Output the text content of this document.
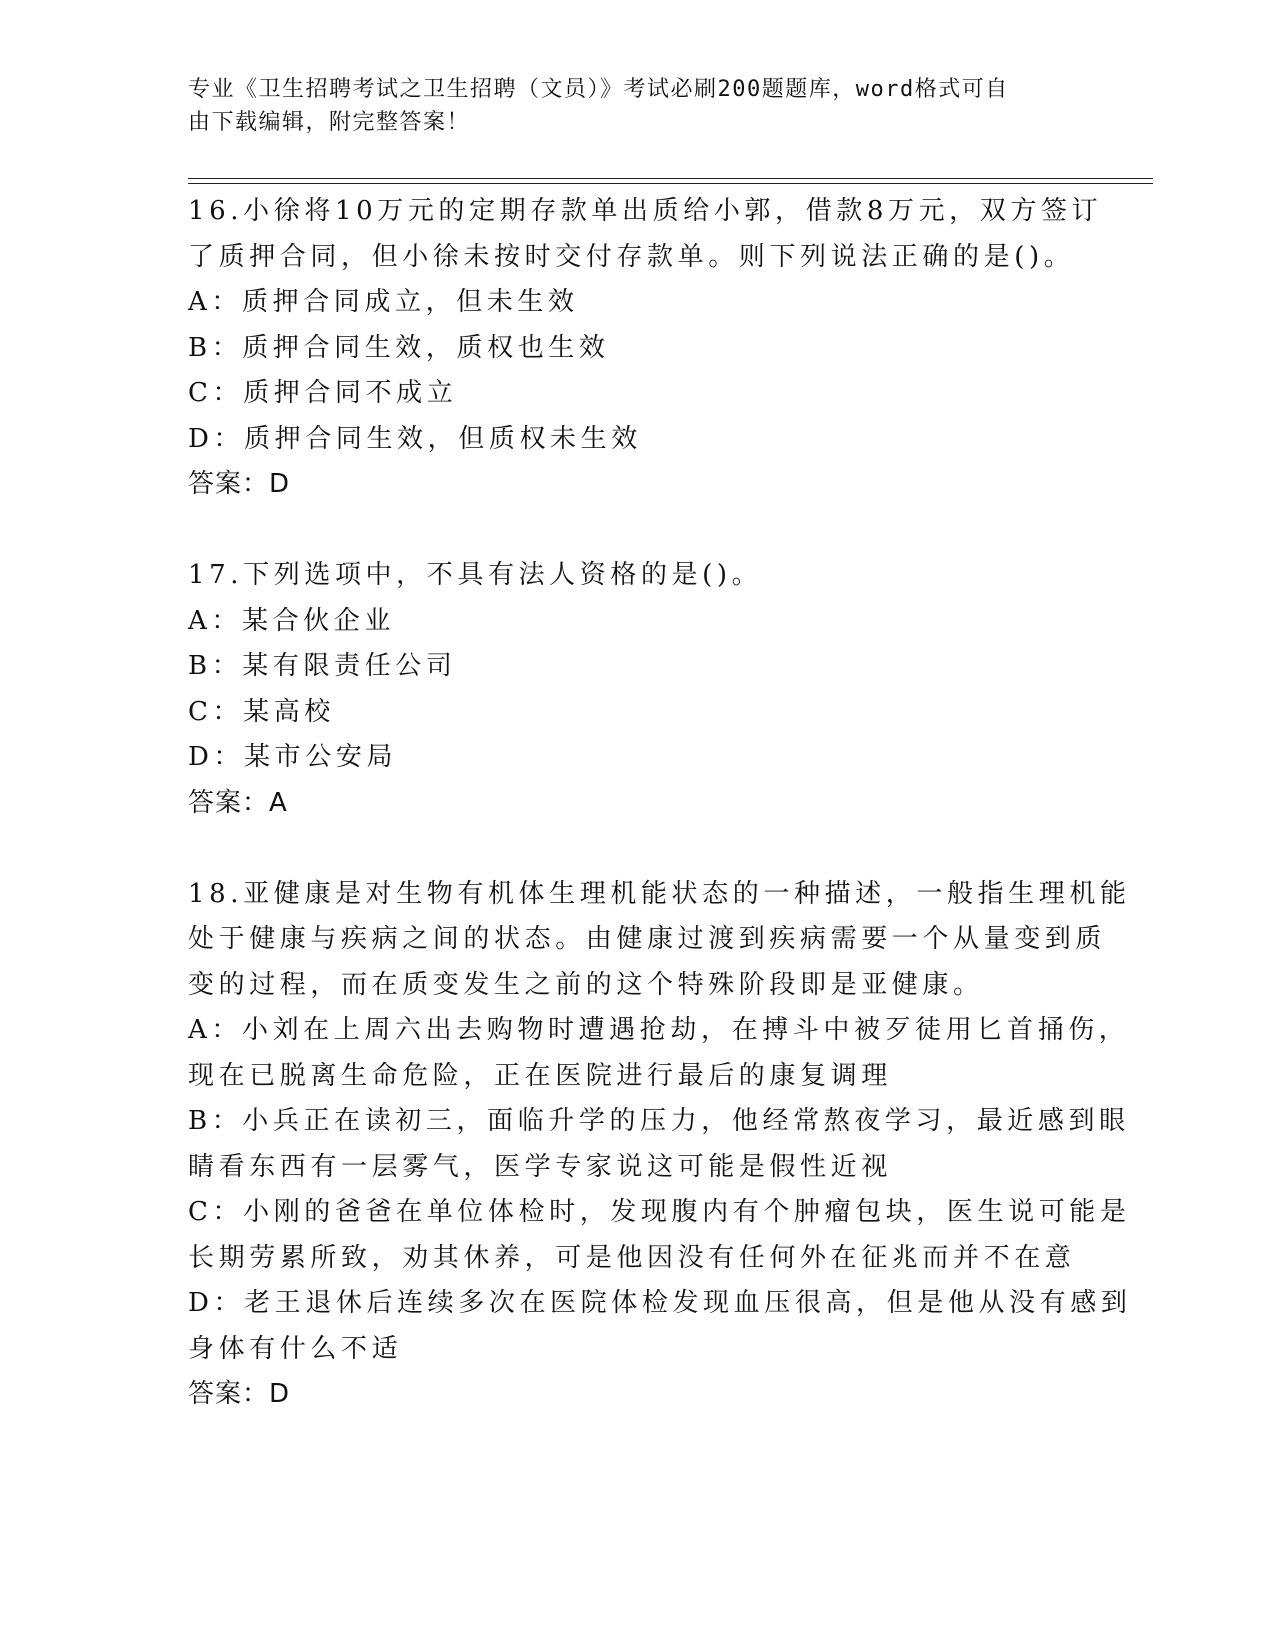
专业《卫生招聘考试之卫生招聘（文员）》考试必刷200题题库，word格式可自
由下载编辑，附完整答案！
16.小徐将10万元的定期存款单出质给小郭，借款8万元，双方签订
了质押合同，但小徐未按时交付存款单。则下列说法正确的是()。
A：质押合同成立，但未生效
B：质押合同生效，质权也生效
C：质押合同不成立
D：质押合同生效，但质权未生效
答案：D
17.下列选项中，不具有法人资格的是()。
A：某合伙企业
B：某有限责任公司
C：某高校
D：某市公安局
答案：A
18.亚健康是对生物有机体生理机能状态的一种描述，一般指生理机能
处于健康与疾病之间的状态。由健康过渡到疾病需要一个从量变到质
变的过程，而在质变发生之前的这个特殊阶段即是亚健康。
A：小刘在上周六出去购物时遭遇抢劫，在搏斗中被歹徒用匕首捅伤，
现在已脱离生命危险，正在医院进行最后的康复调理
B：小兵正在读初三，面临升学的压力，他经常熬夜学习，最近感到眼
睛看东西有一层雾气，医学专家说这可能是假性近视
C：小刚的爸爸在单位体检时，发现腹内有个肿瘤包块，医生说可能是
长期劳累所致，劝其休养，可是他因没有任何外在征兆而并不在意
D：老王退休后连续多次在医院体检发现血压很高，但是他从没有感到
身体有什么不适
答案：D
